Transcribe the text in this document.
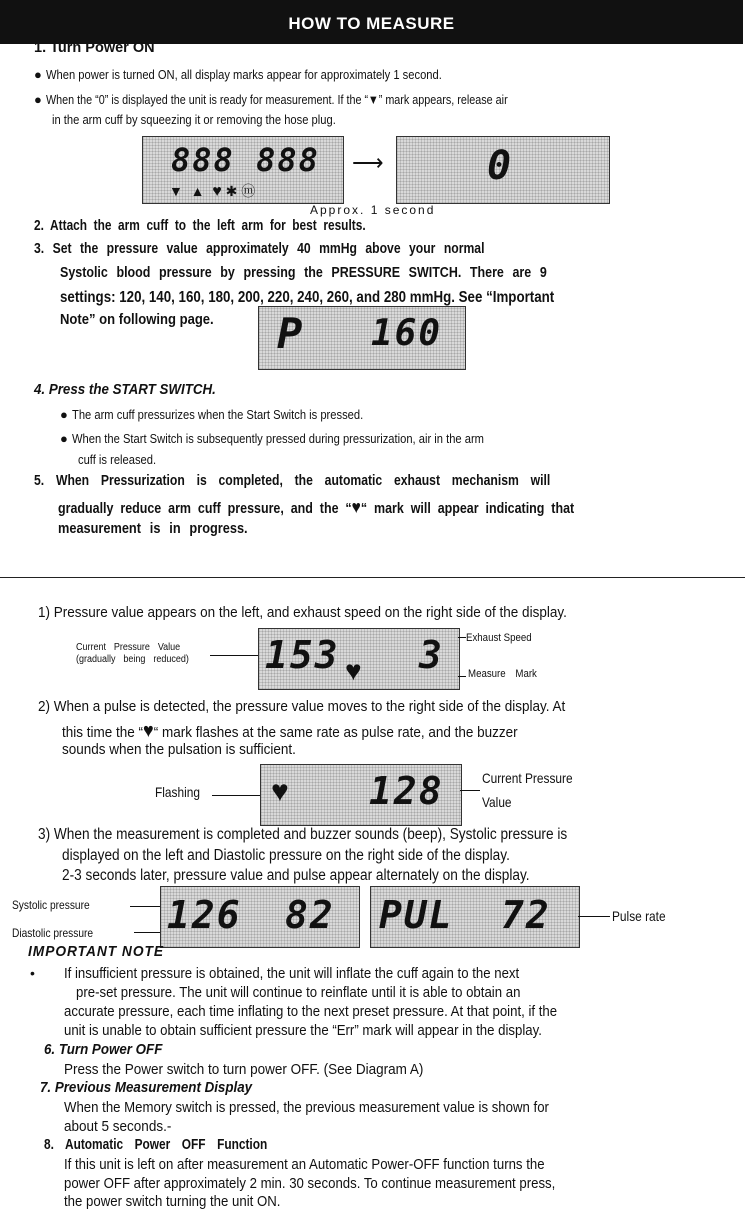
HOW TO MEASURE
1. Turn Power ON
● When power is turned ON, all display marks appear for approximately 1 second.
● When the “0” is displayed the unit is ready for measurement. If the “▼” mark appears, release air
in the arm cuff by squeezing it or removing the hose plug.
888 888
▼  ▲  ♥ ✱ ⓜ
⟶	0
Approx. 1 second
2. Attach the arm cuff to the left arm for best results.
3. Set the pressure value approximately 40 mmHg above your normal
Systolic blood pressure by pressing the PRESSURE SWITCH. There are 9
settings: 120, 140, 160, 180, 200, 220, 240, 260, and 280 mmHg. See “Important
Note” on following page. P 160
4. Press the START SWITCH.
● The arm cuff pressurizes when the Start Switch is pressed.
● When the Start Switch is subsequently pressed during pressurization, air in the arm
cuff is released.
5. When Pressurization is completed, the automatic exhaust mechanism will
gradually reduce arm cuff pressure, and the “♥“ mark will appear indicating that
measurement is in progress.
1) Pressure value appears on the left, and exhaust speed on the right side of the display.
Current Pressure Value
(gradually being reduced) 153 ♥ 3 Exhaust Speed
Measure Mark
2) When a pulse is detected, the pressure value moves to the right side of the display. At
this time the “♥“ mark flashes at the same rate as pulse rate, and the buzzer
sounds when the pulsation is sufficient.
Flashing ♥ 128	Current Pressure
Value
3) When the measurement is completed and buzzer sounds (beep), Systolic pressure is
displayed on the left and Diastolic pressure on the right side of the display.
2-3 seconds later, pressure value and pulse appear alternately on the display.
Systolic pressure
Diastolic pressure 126 82 PUL 72	Pulse rate
IMPORTANT NOTE
• If insufficient pressure is obtained, the unit will inflate the cuff again to the next
pre-set pressure. The unit will continue to reinflate until it is able to obtain an
accurate pressure, each time inflating to the next preset pressure. At that point, if the
unit is unable to obtain sufficient pressure the “Err” mark will appear in the display.
6. Turn Power OFF
Press the Power switch to turn power OFF. (See Diagram A)
7. Previous Measurement Display
When the Memory switch is pressed, the previous measurement value is shown for
about 5 seconds.-
8. Automatic Power OFF Function
If this unit is left on after measurement an Automatic Power-OFF function turns the
power OFF after approximately 2 min. 30 seconds. To continue measurement press,
the power switch turning the unit ON.
